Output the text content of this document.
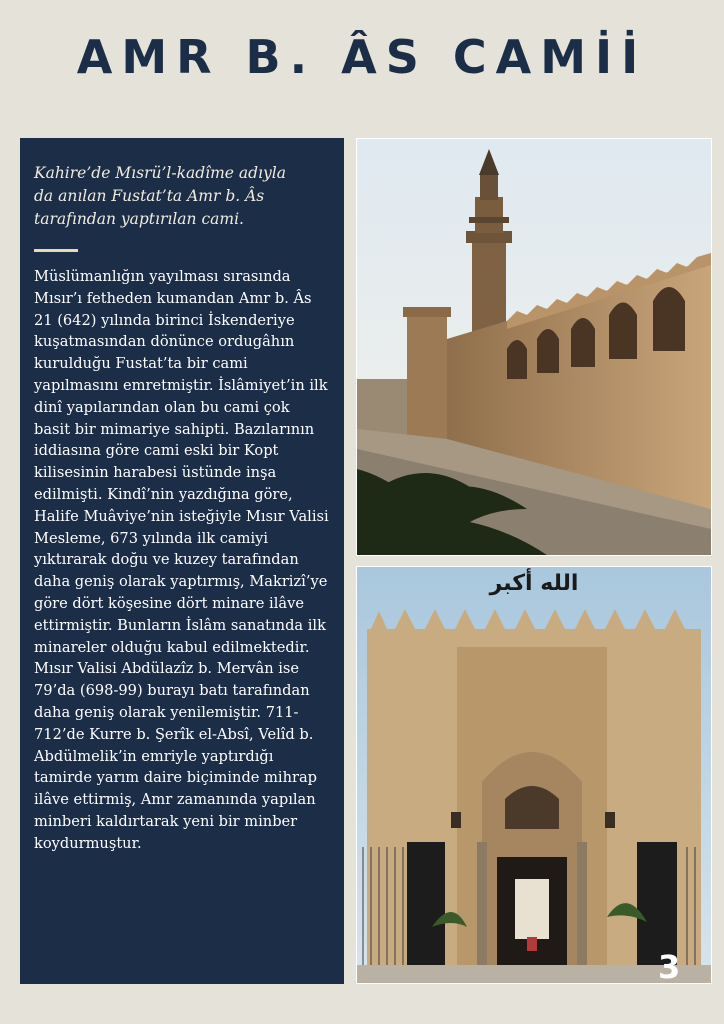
AMR B. ÂS CAMİİ

Kahire’de Mısrü’l-kadîme adıyla da anılan Fustat’ta Amr b. Âs tarafından yaptırılan cami.

Müslümanlığın yayılması sırasında Mısır’ı fetheden kumandan Amr b. Âs 21 (642) yılında birinci İskenderiye kuşatmasından dönünce ordugâhın kurulduğu Fustat’ta bir cami yapılmasını emretmiştir. İslâmiyet’in ilk dinî yapılarından olan bu cami çok basit bir mimariye sahipti. Bazılarının iddiasına göre cami eski bir Kopt kilisesinin harabesi üstünde inşa edilmişti. Kindî’nin yazdığına göre, Halife Muâviye’nin isteğiyle Mısır Valisi Mesleme, 673 yılında ilk camiyi yıktırarak doğu ve kuzey tarafından daha geniş olarak yaptırmış, Makrizî’ye göre dört köşesine dört minare ilâve ettirmiştir. Bunların İslâm sanatında ilk minareler olduğu kabul edilmektedir. Mısır Valisi Abdülazîz b. Mervân ise 79’da (698-99) burayı batı tarafından daha geniş olarak yenilemiştir. 711-712’de Kurre b. Şerîk el-Absî, Velîd b. Abdülmelik’in emriyle yaptırdığı tamirde yarım daire biçiminde mihrap ilâve ettirmiş, Amr zamanında yapılan minberi kaldırtarak yeni bir minber koydurmuştur.

الله أكبر
3
